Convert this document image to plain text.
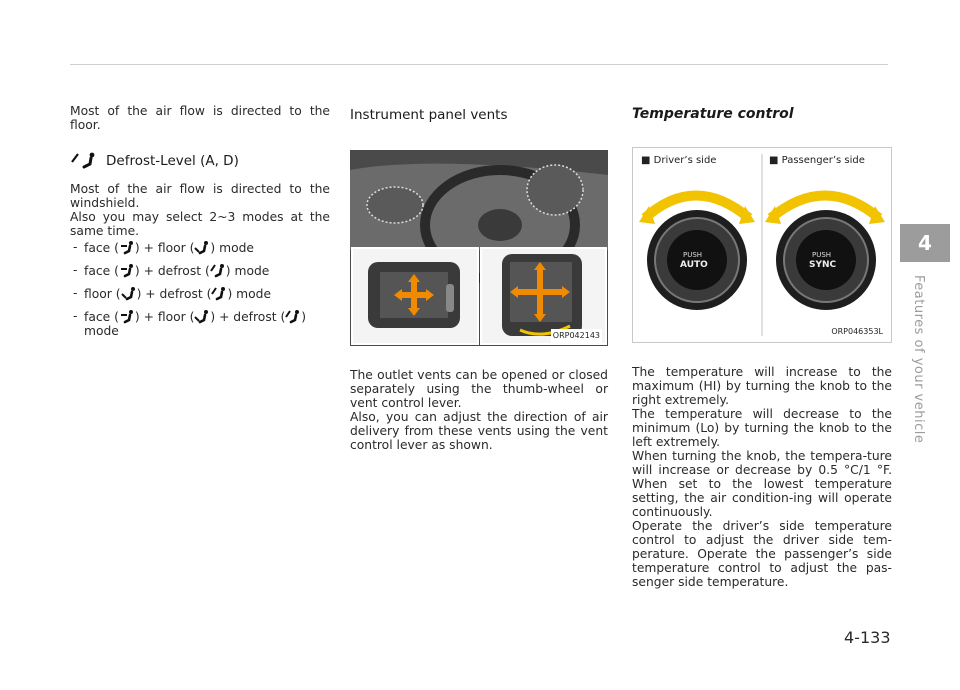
Most of the air flow is directed to the floor.

Defrost-Level (A, D)

Most of the air flow is directed to the windshield.

Also you may select 2~3 modes at the same time.

- face ( ) + floor ( ) mode
- face ( ) + defrost ( ) mode
- floor ( ) + defrost ( ) mode
- face ( ) + floor ( ) + defrost ( ) mode
Instrument panel vents
ORP042143

The outlet vents can be opened or closed separately using the thumb-wheel or vent control lever.

Also, you can adjust the direction of air delivery from these vents using the vent control lever as shown.

Temperature control
■ Driver’s side	■ Passenger’s side
PUSH
AUTO
PUSH
SYNC
ORP046353L

The temperature will increase to the maximum (HI) by turning the knob to the right extremely.

The temperature will decrease to the minimum (Lo) by turning the knob to the left extremely.

When turning the knob, the tempera-ture will increase or decrease by 0.5 °C/1 °F. When set to the lowest temperature setting, the air condition-ing will operate continuously.

Operate the driver’s side temperature control to adjust the driver side tem-perature. Operate the passenger’s side temperature control to adjust the pas-senger side temperature.

4
Features of your vehicle
4-133
